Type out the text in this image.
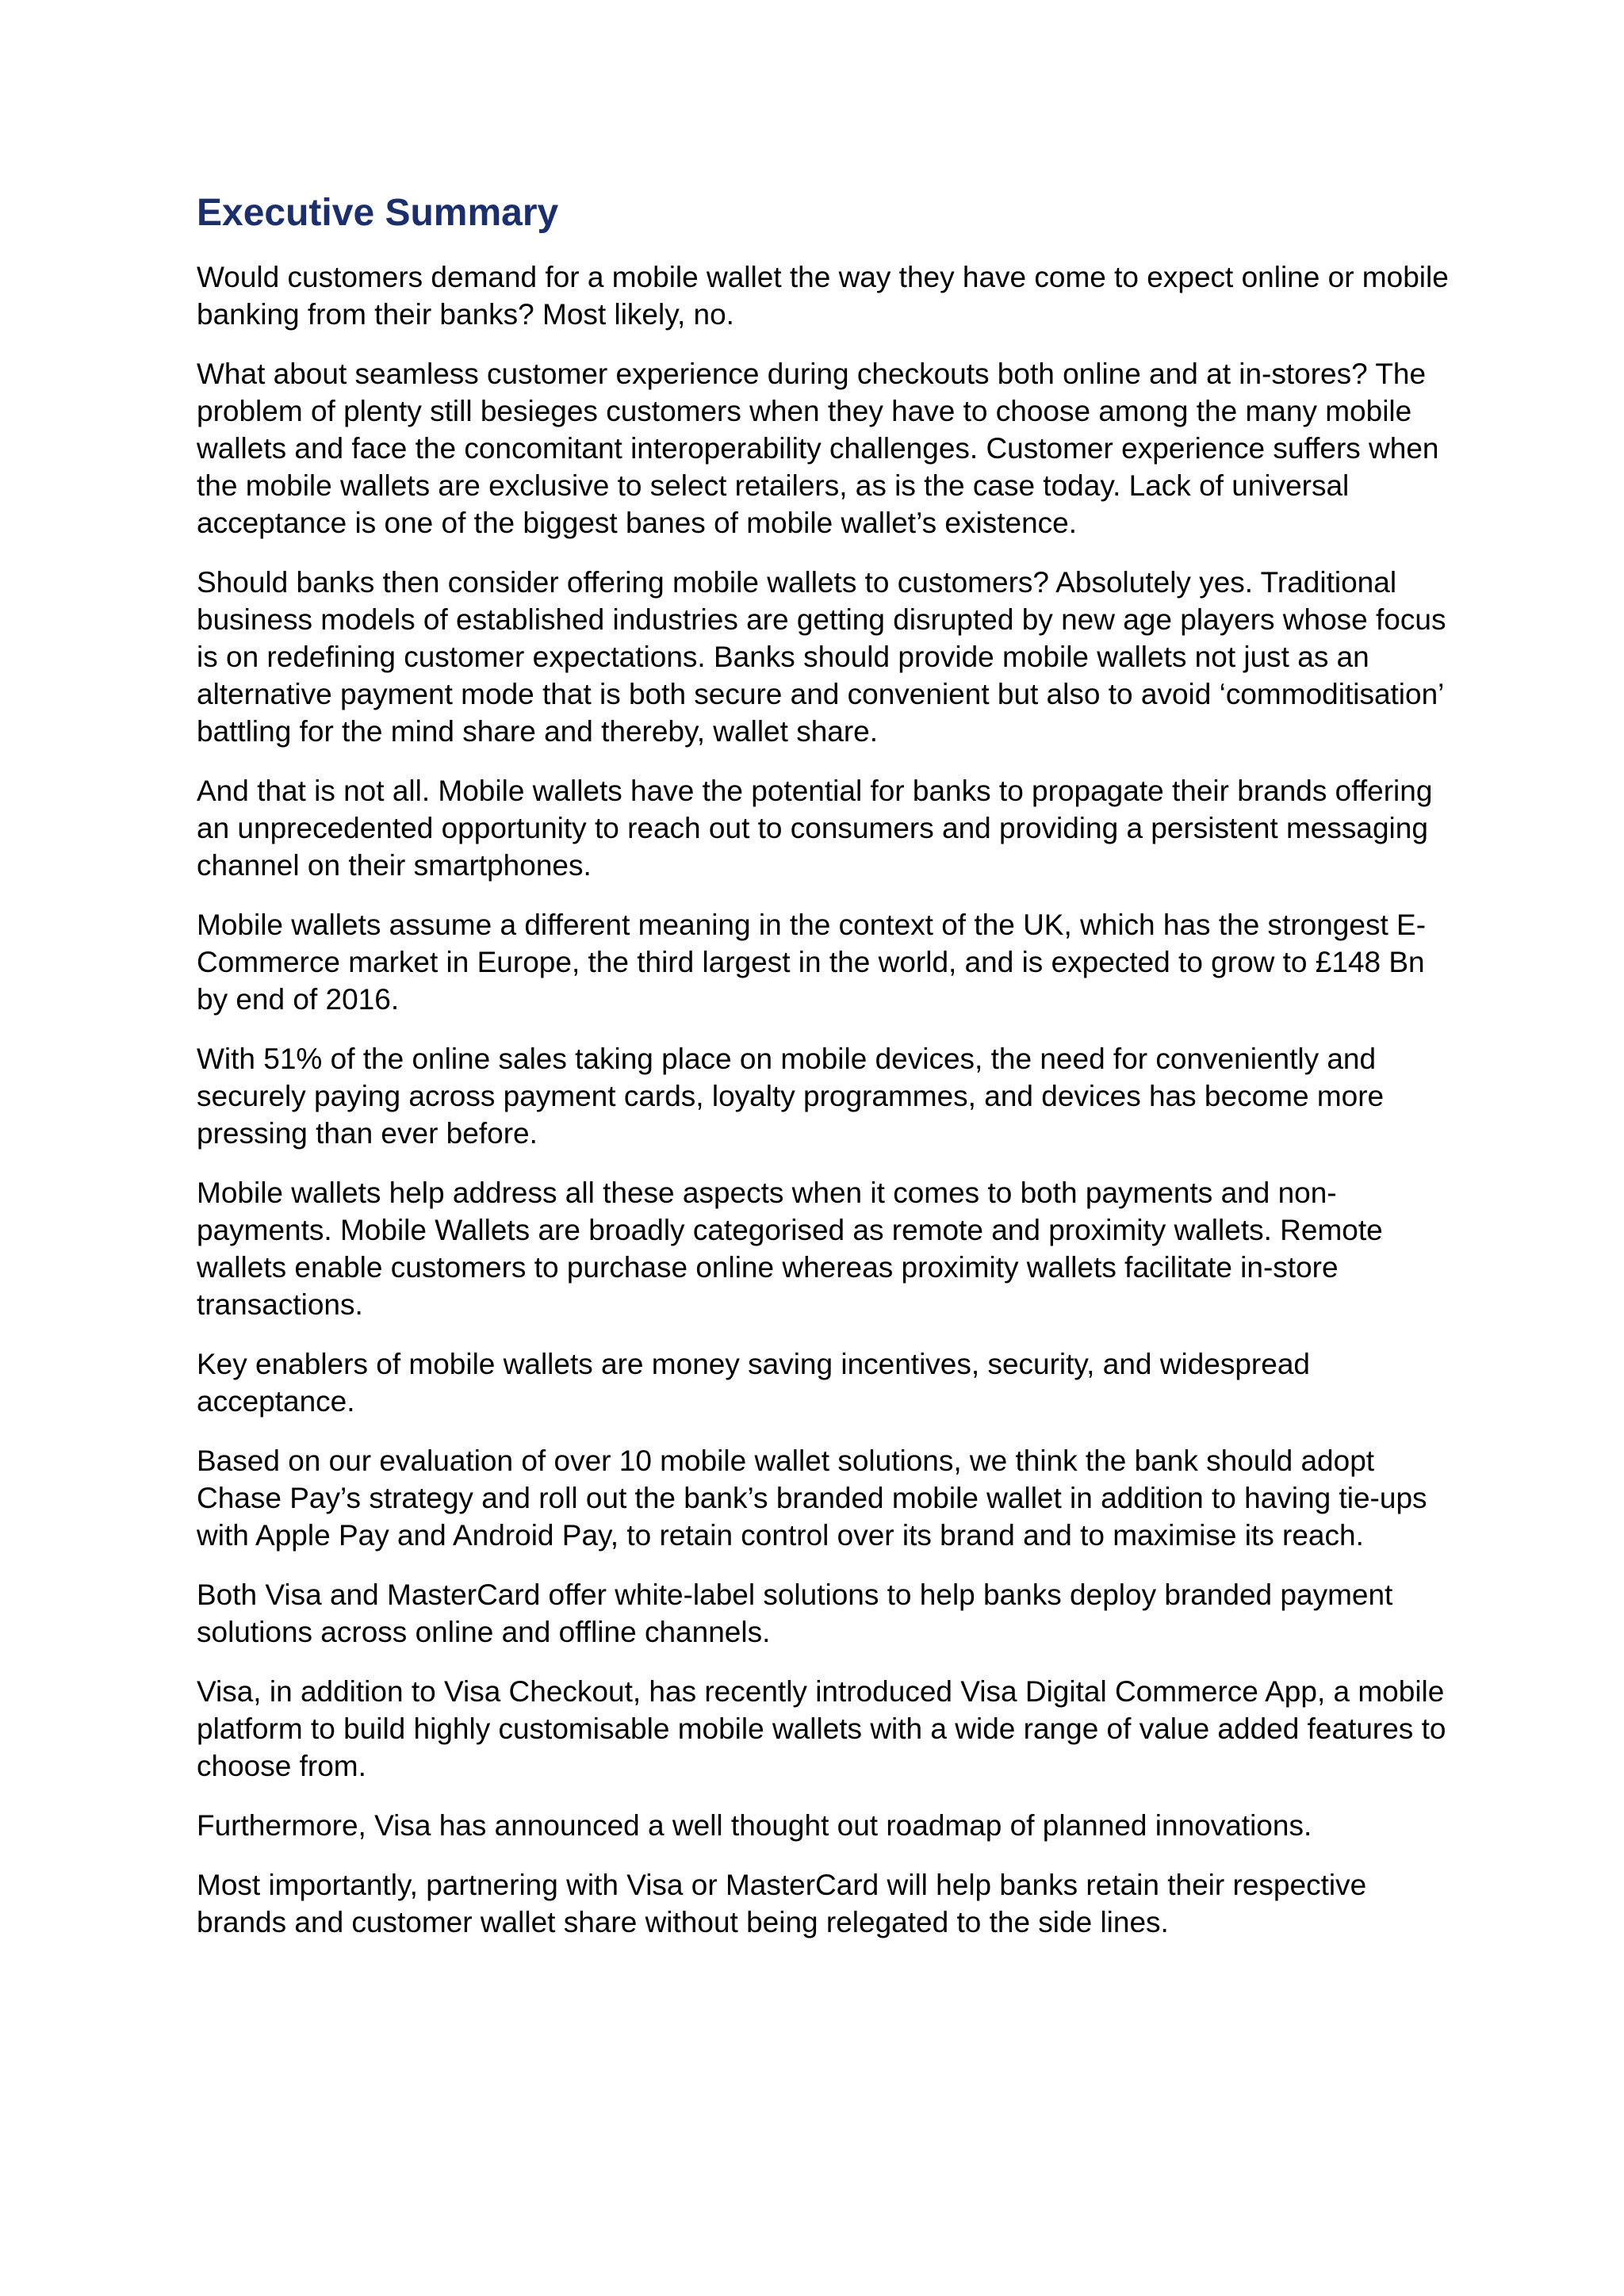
Executive Summary

Would customers demand for a mobile wallet the way they have come to expect online or mobile banking from their banks? Most likely, no.

What about seamless customer experience during checkouts both online and at in-stores? The problem of plenty still besieges customers when they have to choose among the many mobile wallets and face the concomitant interoperability challenges. Customer experience suffers when the mobile wallets are exclusive to select retailers, as is the case today. Lack of universal acceptance is one of the biggest banes of mobile wallet’s existence.

Should banks then consider offering mobile wallets to customers? Absolutely yes. Traditional business models of established industries are getting disrupted by new age players whose focus is on redefining customer expectations. Banks should provide mobile wallets not just as an alternative payment mode that is both secure and convenient but also to avoid ‘commoditisation’ battling for the mind share and thereby, wallet share.

And that is not all. Mobile wallets have the potential for banks to propagate their brands offering an unprecedented opportunity to reach out to consumers and providing a persistent messaging channel on their smartphones.

Mobile wallets assume a different meaning in the context of the UK, which has the strongest E-Commerce market in Europe, the third largest in the world, and is expected to grow to £148 Bn by end of 2016.

With 51% of the online sales taking place on mobile devices, the need for conveniently and securely paying across payment cards, loyalty programmes, and devices has become more pressing than ever before.

Mobile wallets help address all these aspects when it comes to both payments and non-payments. Mobile Wallets are broadly categorised as remote and proximity wallets. Remote wallets enable customers to purchase online whereas proximity wallets facilitate in-store transactions.

Key enablers of mobile wallets are money saving incentives, security, and widespread acceptance.

Based on our evaluation of over 10 mobile wallet solutions, we think the bank should adopt Chase Pay’s strategy and roll out the bank’s branded mobile wallet in addition to having tie-ups with Apple Pay and Android Pay, to retain control over its brand and to maximise its reach.

Both Visa and MasterCard offer white-label solutions to help banks deploy branded payment solutions across online and offline channels.

Visa, in addition to Visa Checkout, has recently introduced Visa Digital Commerce App, a mobile platform to build highly customisable mobile wallets with a wide range of value added features to choose from.

Furthermore, Visa has announced a well thought out roadmap of planned innovations.

Most importantly, partnering with Visa or MasterCard will help banks retain their respective brands and customer wallet share without being relegated to the side lines.
